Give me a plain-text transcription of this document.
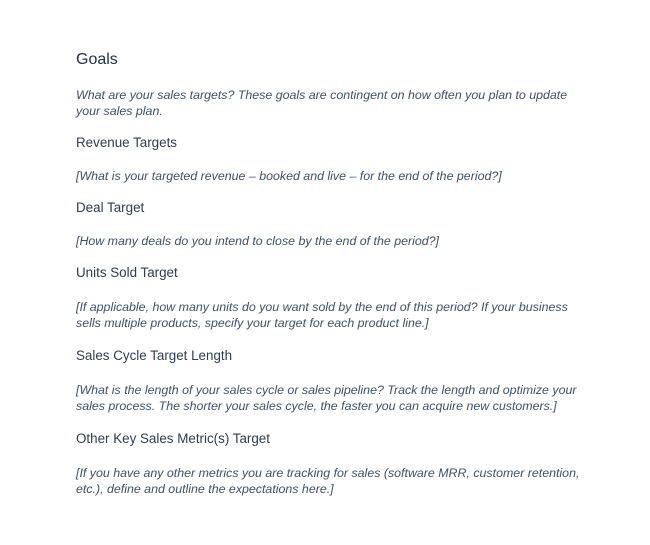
Goals

What are your sales targets? These goals are contingent on how often you plan to update your sales plan.

Revenue Targets

[What is your targeted revenue – booked and live – for the end of the period?]

Deal Target

[How many deals do you intend to close by the end of the period?]

Units Sold Target

[If applicable, how many units do you want sold by the end of this period? If your business sells multiple products, specify your target for each product line.]

Sales Cycle Target Length

[What is the length of your sales cycle or sales pipeline? Track the length and optimize your sales process. The shorter your sales cycle, the faster you can acquire new customers.]

Other Key Sales Metric(s) Target

[If you have any other metrics you are tracking for sales (software MRR, customer retention, etc.), define and outline the expectations here.]
